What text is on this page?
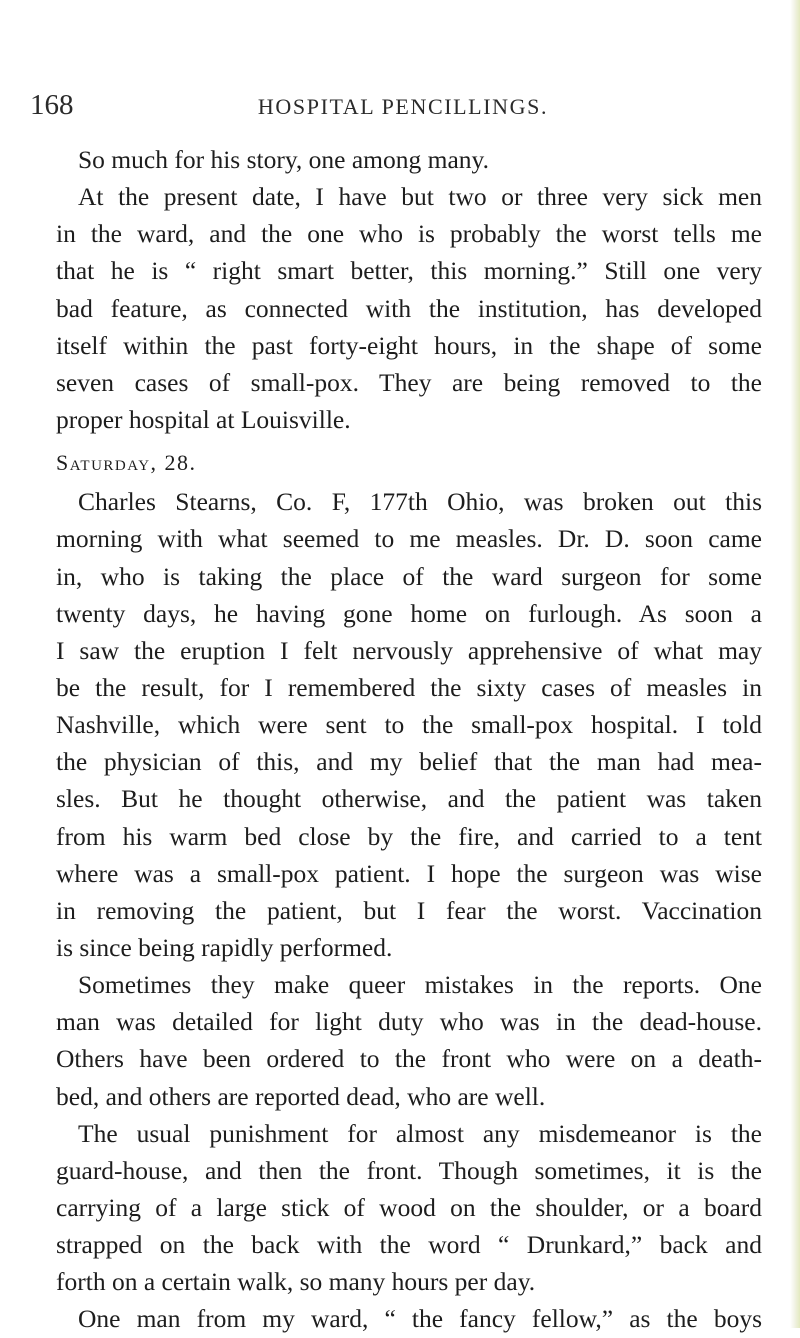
168	HOSPITAL PENCILLINGS.
So much for his story, one among many.
At the present date, I have but two or three very sick men
in the ward, and the one who is probably the worst tells me
that he is “ right smart better, this morning.” Still one very
bad feature, as connected with the institution, has developed
itself within the past forty-eight hours, in the shape of some
seven cases of small-pox. They are being removed to the
proper hospital at Louisville.
Saturday, 28.
Charles Stearns, Co. F, 177th Ohio, was broken out this
morning with what seemed to me measles. Dr. D. soon came
in, who is taking the place of the ward surgeon for some
twenty days, he having gone home on furlough. As soon a
I saw the eruption I felt nervously apprehensive of what may
be the result, for I remembered the sixty cases of measles in
Nashville, which were sent to the small-pox hospital. I told
the physician of this, and my belief that the man had mea-
sles. But he thought otherwise, and the patient was taken
from his warm bed close by the fire, and carried to a tent
where was a small-pox patient. I hope the surgeon was wise
in removing the patient, but I fear the worst. Vaccination
is since being rapidly performed.
Sometimes they make queer mistakes in the reports. One
man was detailed for light duty who was in the dead-house.
Others have been ordered to the front who were on a death-
bed, and others are reported dead, who are well.
The usual punishment for almost any misdemeanor is the
guard-house, and then the front. Though sometimes, it is the
carrying of a large stick of wood on the shoulder, or a board
strapped on the back with the word “ Drunkard,” back and
forth on a certain walk, so many hours per day.
One man from my ward, “ the fancy fellow,” as the boys
